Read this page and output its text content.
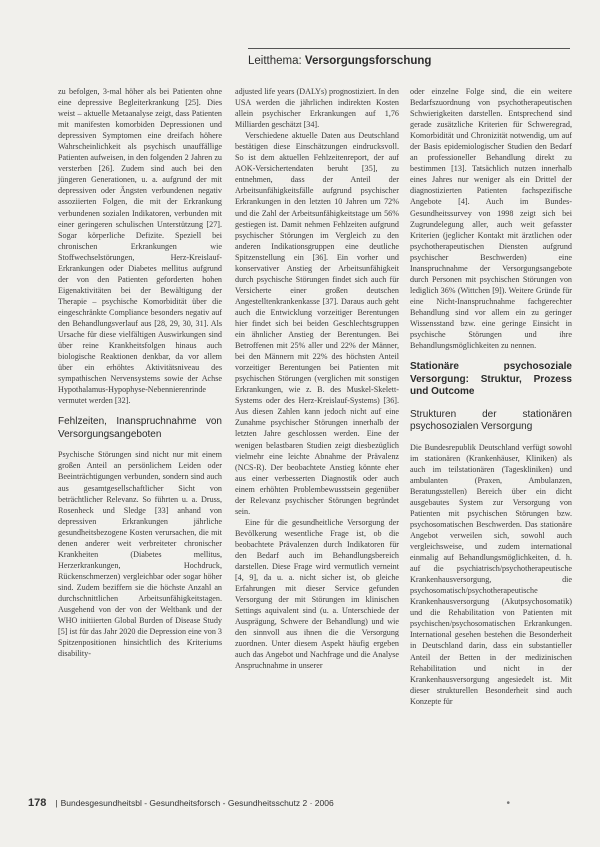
Leitthema: Versorgungsforschung

zu befolgen, 3-mal höher als bei Patienten ohne eine depressive Begleiterkrankung [25]. Dies weist – aktuelle Metaanalyse zeigt, dass Patienten mit manifesten komorbiden Depressionen und depressiven Symptomen eine dreifach höhere Wahrscheinlichkeit als psychisch unauffällige Patienten aufweisen, in den folgenden 2 Jahren zu versterben [26]. Zudem sind auch bei den jüngeren Generationen, u. a. aufgrund der mit depressiven oder Ängsten verbundenen negativ assoziierten Folgen, die mit der Erkrankung verbundenen sozialen Indikatoren, verbunden mit einer geringeren schulischen Unterstützung [27]. Sogar körperliche Defizite. Speziell bei chronischen Erkrankungen wie Stoffwechselstörungen, Herz-Kreislauf-Erkrankungen oder Diabetes mellitus aufgrund der von den Patienten geforderten hohen Eigenaktivitäten bei der Bewältigung der Therapie – psychische Komorbidität über die eingeschränkte Compliance besonders negativ auf den Behandlungsverlauf aus [28, 29, 30, 31]. Als Ursache für diese vielfältigen Auswirkungen sind über reine Krankheitsfolgen hinaus auch biologische Reaktionen denkbar, da vor allem über ein erhöhtes Aktivitätsniveau des sympathischen Nervensystems sowie der Achse Hypothalamus-Hypophyse-Nebennierenrinde vermutet werden [32].

Fehlzeiten, Inanspruchnahme von Versorgungsangeboten

Psychische Störungen sind nicht nur mit einem großen Anteil an persönlichem Leiden oder Beeinträchtigungen verbunden, sondern sind auch aus gesamtgesellschaftlicher Sicht von beträchtlicher Relevanz. So führten u. a. Druss, Rosenheck und Sledge [33] anhand von depressiven Erkrankungen jährliche gesundheitsbezogene Kosten verursachen, die mit denen anderer weit verbreiteter chronischer Krankheiten (Diabetes mellitus, Herzerkrankungen, Hochdruck, Rückenschmerzen) vergleichbar oder sogar höher sind. Zudem beziffern sie die höchste Anzahl an durchschnittlichen Arbeitsunfähigkeitstagen. Ausgehend von der von der Weltbank und der WHO initiierten Global Burden of Disease Study [5] ist für das Jahr 2020 die Depression eine von 3 Spitzenpositionen hinsichtlich des Kriteriums disability-

adjusted life years (DALYs) prognostiziert. In den USA werden die jährlichen indirekten Kosten allein psychischer Erkrankungen auf 1,76 Milliarden geschätzt [34].

Verschiedene aktuelle Daten aus Deutschland bestätigen diese Einschätzungen eindrucksvoll. So ist dem aktuellen Fehlzeitenreport, der auf AOK-Versichertendaten beruht [35], zu entnehmen, dass der Anteil der Arbeitsunfähigkeitsfälle aufgrund psychischer Erkrankungen in den letzten 10 Jahren um 72% und die Zahl der Arbeitsunfähigkeitstage um 56% gestiegen ist. Damit nehmen Fehlzeiten aufgrund psychischer Störungen im Vergleich zu den anderen Indikationsgruppen eine deutliche Spitzenstellung ein [36]. Ein vorher und konservativer Anstieg der Arbeitsunfähigkeit durch psychische Störungen findet sich auch für Versicherte einer großen deutschen Angestelltenkrankenkasse [37]. Daraus auch geht auch die Entwicklung vorzeitiger Berentungen hier findet sich bei beiden Geschlechtsgruppen ein ähnlicher Anstieg der Berentungen. Bei Betroffenen mit 25% aller und 22% der Männer, bei den Männern mit 22% des höchsten Anteil vorzeitiger Berentungen bei Patienten mit psychischen Störungen (verglichen mit sonstigen Erkrankungen, wie z. B. des Muskel-Skelett-Systems oder des Herz-Kreislauf-Systems) [36]. Aus diesen Zahlen kann jedoch nicht auf eine Zunahme psychischer Störungen innerhalb der letzten Jahre geschlossen werden. Eine der wenigen belastbaren Studien zeigt diesbezüglich vielmehr eine leichte Abnahme der Prävalenz (NCS-R). Der beobachtete Anstieg könnte eher aus einer verbesserten Diagnostik oder auch einem erhöhten Problembewusstsein gegenüber der Relevanz psychischer Störungen begründet sein.

Eine für die gesundheitliche Versorgung der Bevölkerung wesentliche Frage ist, ob die beobachtete Prävalenzen durch Indikatoren für den Bedarf auch im Behandlungsbereich darstellen. Diese Frage wird vermutlich verneint [4, 9], da u. a. nicht sicher ist, ob gleiche Erfahrungen mit dieser Service gefunden Versorgung der mit Störungen im klinischen Settings aquivalent sind (u. a. Unterschiede der Ausprägung, Schwere der Behandlung) und wie den sinnvoll aus ihnen die die Versorgung zuordnen. Unter diesem Aspekt häufig ergeben auch das Angebot und Nachfrage und die Analyse Anspruchnahme in unserer

oder einzelne Folge sind, die ein weitere Bedarfszuordnung von psychotherapeutischen Schwierigkeiten darstellen. Entsprechend sind gerade zusätzliche Kriterien für Schweregrad, Komorbidität und Chronizität notwendig, um auf der Basis epidemiologischer Studien den Bedarf an professioneller Behandlung direkt zu bestimmen [13]. Tatsächlich nutzen innerhalb eines Jahres nur weniger als ein Drittel der diagnostizierten Patienten fachspezifische Angebote [4]. Auch im Bundes-Gesundheitssurvey von 1998 zeigt sich bei Zugrundelegung aller, auch weit gefasster Kriterien (jeglicher Kontakt mit ärztlichen oder psychotherapeutischen Diensten aufgrund psychischer Beschwerden) eine Inanspruchnahme der Versorgungsangebote durch Personen mit psychischen Störungen von lediglich 36% (Wittchen [9]). Weitere Gründe für eine Nicht-Inanspruchnahme fachgerechter Behandlung sind vor allem ein zu geringer Wissensstand bzw. eine geringe Einsicht in psychische Störungen und ihre Behandlungsmöglichkeiten zu nennen.

Stationäre psychosoziale Versorgung: Struktur, Prozess und Outcome
Strukturen der stationären psychosozialen Versorgung

Die Bundesrepublik Deutschland verfügt sowohl im stationären (Krankenhäuser, Kliniken) als auch im teilstationären (Tageskliniken) und ambulanten (Praxen, Ambulanzen, Beratungsstellen) Bereich über ein dicht ausgebautes System zur Versorgung von Patienten mit psychischen Störungen bzw. psychosomatischen Beschwerden. Das stationäre Angebot verweilen sich, sowohl auch vergleichsweise, und zudem international einmalig auf Behandlungsmöglichkeiten, d. h. auf die psychiatrisch/psychotherapeutische Krankenhausversorgung, die psychosomatisch/psychotherapeutische Krankenhausversorgung (Akutpsychosomatik) und die Rehabilitation von Patienten mit psychischen/psychosomatischen Erkrankungen. International gesehen bestehen die Besonderheit in Deutschland darin, dass ein substantieller Anteil der Betten in der medizinischen Rehabilitation und nicht in der Krankenhausversorgung angesiedelt ist. Mit dieser strukturellen Besonderheit sind auch Konzepte für

178 | Bundesgesundheitsbl - Gesundheitsforsch - Gesundheitsschutz 2 · 2006	•
